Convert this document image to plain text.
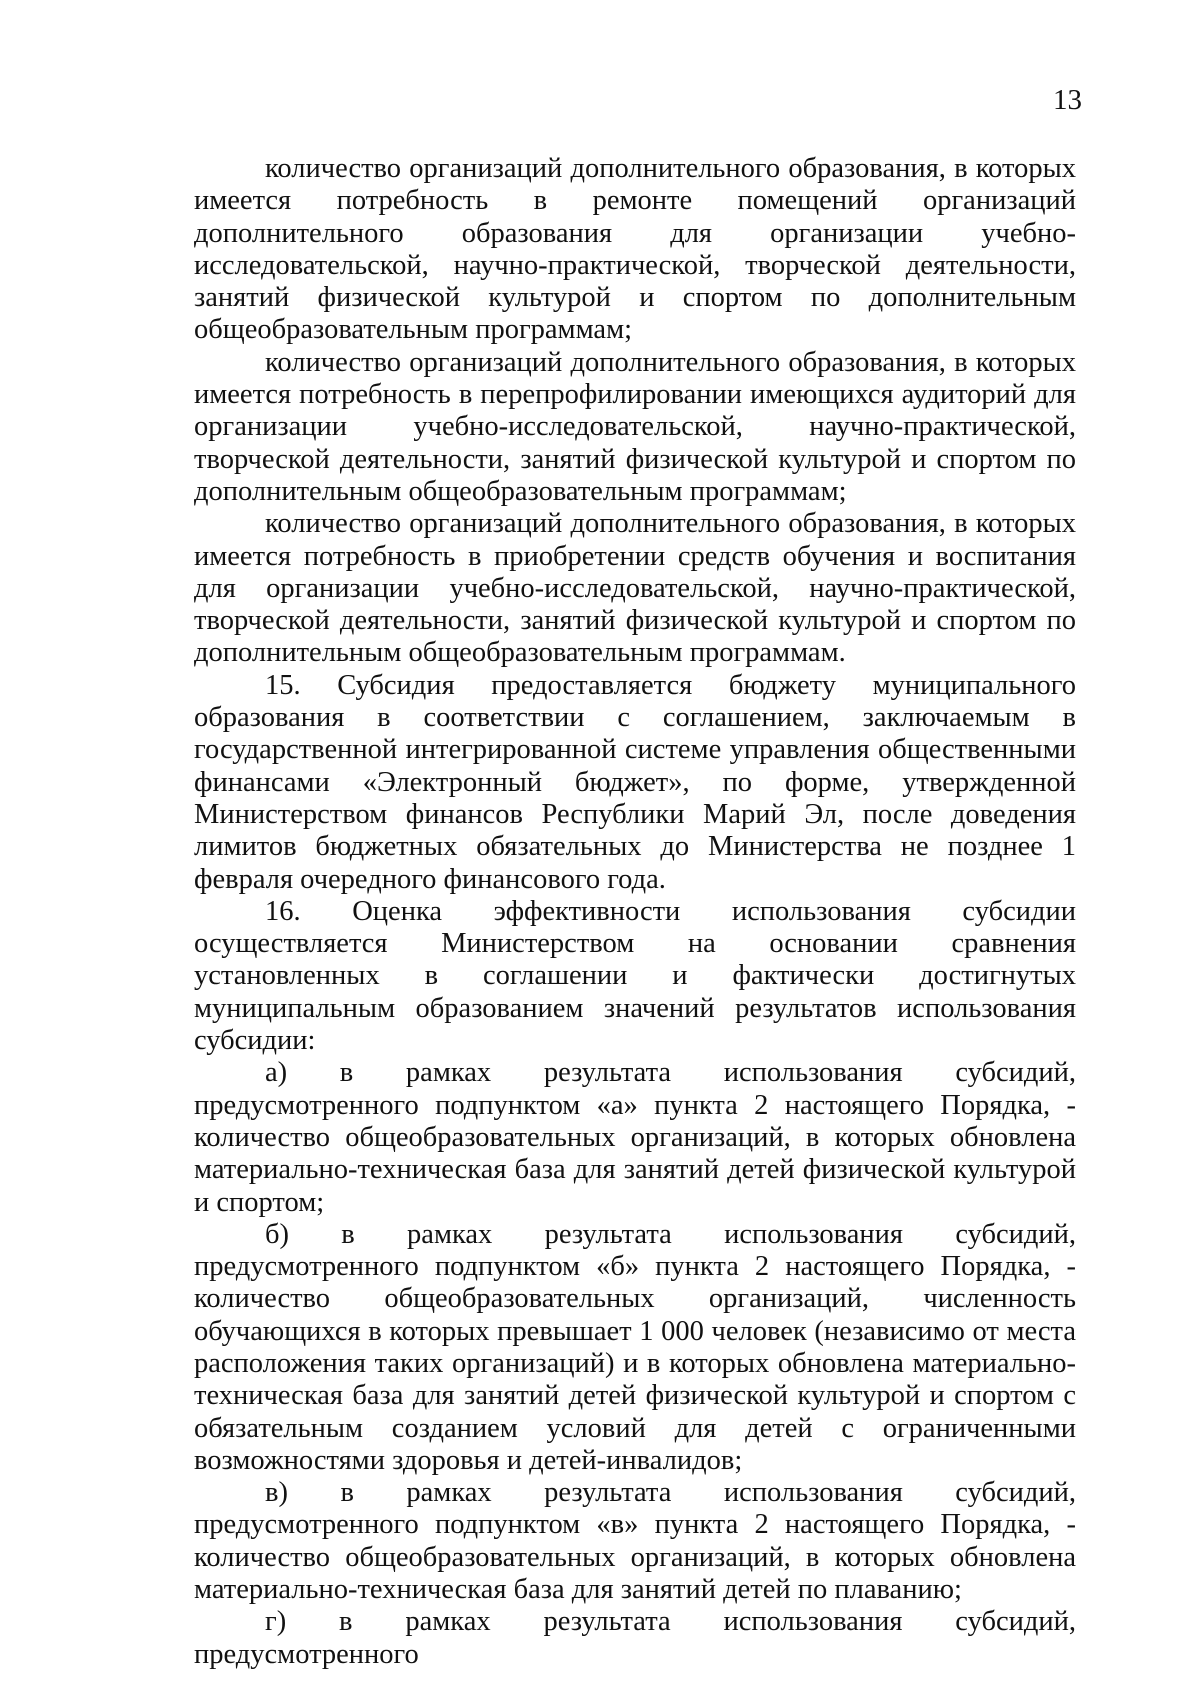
13

количество организаций дополнительного образования, в которых имеется потребность в ремонте помещений организаций дополнительного образования для организации учебно-исследовательской, научно-практической, творческой деятельности, занятий физической культурой и спортом по дополнительным общеобразовательным программам;

количество организаций дополнительного образования, в которых имеется потребность в перепрофилировании имеющихся аудиторий для организации учебно-исследовательской, научно-практической, творческой деятельности, занятий физической культурой и спортом по дополнительным общеобразовательным программам;

количество организаций дополнительного образования, в которых имеется потребность в приобретении средств обучения и воспитания для организации учебно-исследовательской, научно-практической, творческой деятельности, занятий физической культурой и спортом по дополнительным общеобразовательным программам.

15. Субсидия предоставляется бюджету муниципального образования в соответствии с соглашением, заключаемым в государственной интегрированной системе управления общественными финансами «Электронный бюджет», по форме, утвержденной Министерством финансов Республики Марий Эл, после доведения лимитов бюджетных обязательных до Министерства не позднее 1 февраля очередного финансового года.

16. Оценка эффективности использования субсидии осуществляется Министерством на основании сравнения установленных в соглашении и фактически достигнутых муниципальным образованием значений результатов использования субсидии:

а) в рамках результата использования субсидий, предусмотренного подпунктом «а» пункта 2 настоящего Порядка, - количество общеобразовательных организаций, в которых обновлена материально-техническая база для занятий детей физической культурой и спортом;

б) в рамках результата использования субсидий, предусмотренного подпунктом «б» пункта 2 настоящего Порядка, - количество общеобразовательных организаций, численность обучающихся в которых превышает 1 000 человек (независимо от места расположения таких организаций) и в которых обновлена материально-техническая база для занятий детей физической культурой и спортом с обязательным созданием условий для детей с ограниченными возможностями здоровья и детей-инвалидов;

в) в рамках результата использования субсидий, предусмотренного подпунктом «в» пункта 2 настоящего Порядка, - количество общеобразовательных организаций, в которых обновлена материально-техническая база для занятий детей по плаванию;

г) в рамках результата использования субсидий, предусмотренного
